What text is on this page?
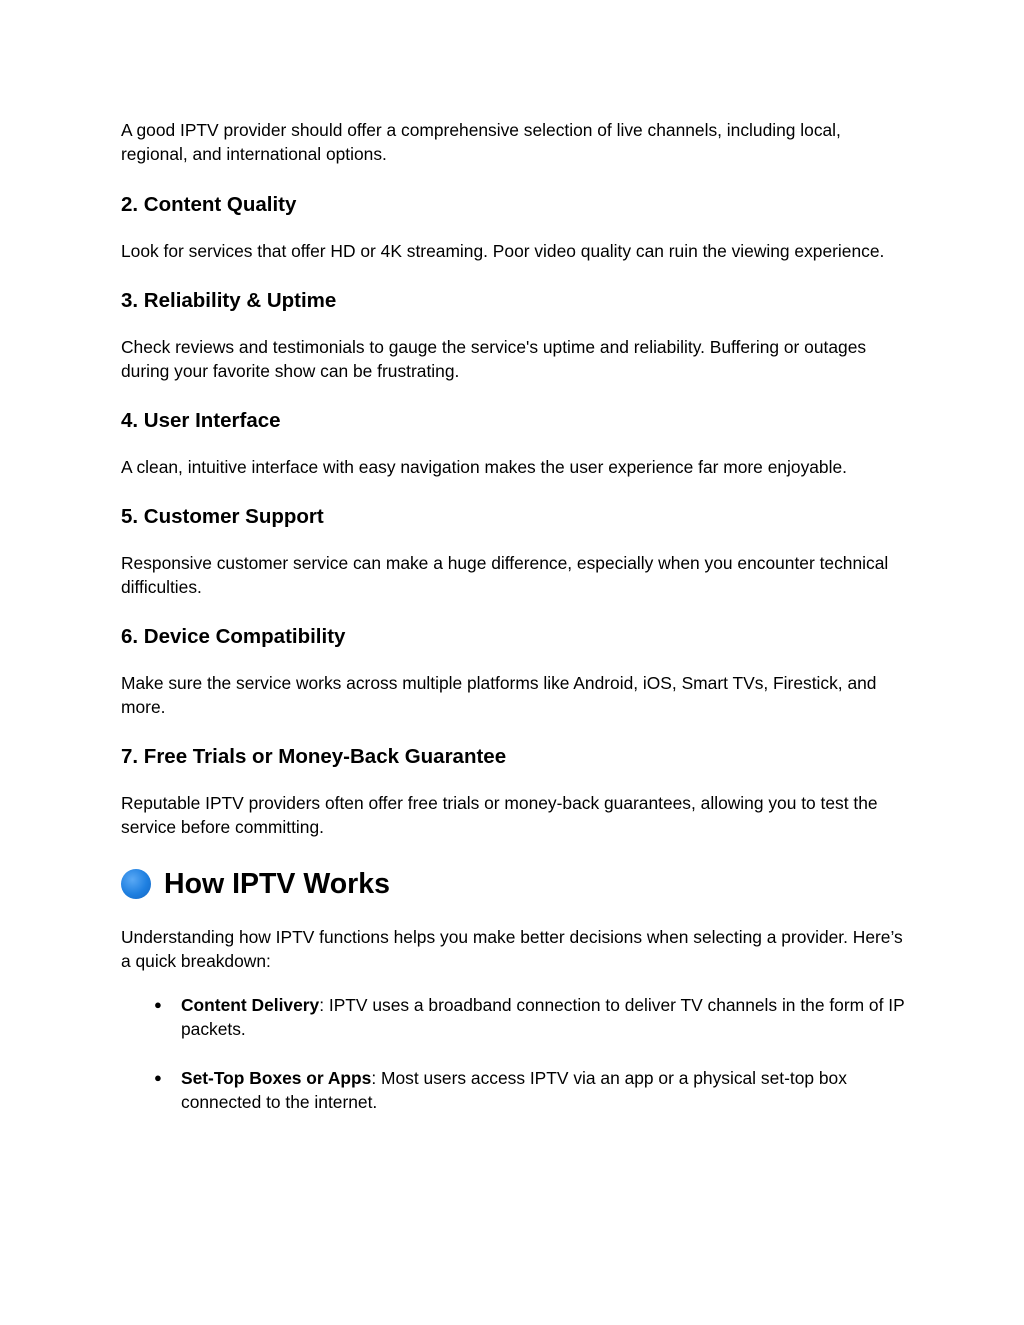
A good IPTV provider should offer a comprehensive selection of live channels, including local, regional, and international options.

2. Content Quality

Look for services that offer HD or 4K streaming. Poor video quality can ruin the viewing experience.

3. Reliability & Uptime

Check reviews and testimonials to gauge the service's uptime and reliability. Buffering or outages during your favorite show can be frustrating.

4. User Interface

A clean, intuitive interface with easy navigation makes the user experience far more enjoyable.

5. Customer Support

Responsive customer service can make a huge difference, especially when you encounter technical difficulties.

6. Device Compatibility

Make sure the service works across multiple platforms like Android, iOS, Smart TVs, Firestick, and more.

7. Free Trials or Money-Back Guarantee

Reputable IPTV providers often offer free trials or money-back guarantees, allowing you to test the service before committing.

How IPTV Works

Understanding how IPTV functions helps you make better decisions when selecting a provider. Here’s a quick breakdown:

● Content Delivery: IPTV uses a broadband connection to deliver TV channels in the form of IP packets.
● Set-Top Boxes or Apps: Most users access IPTV via an app or a physical set-top box connected to the internet.
